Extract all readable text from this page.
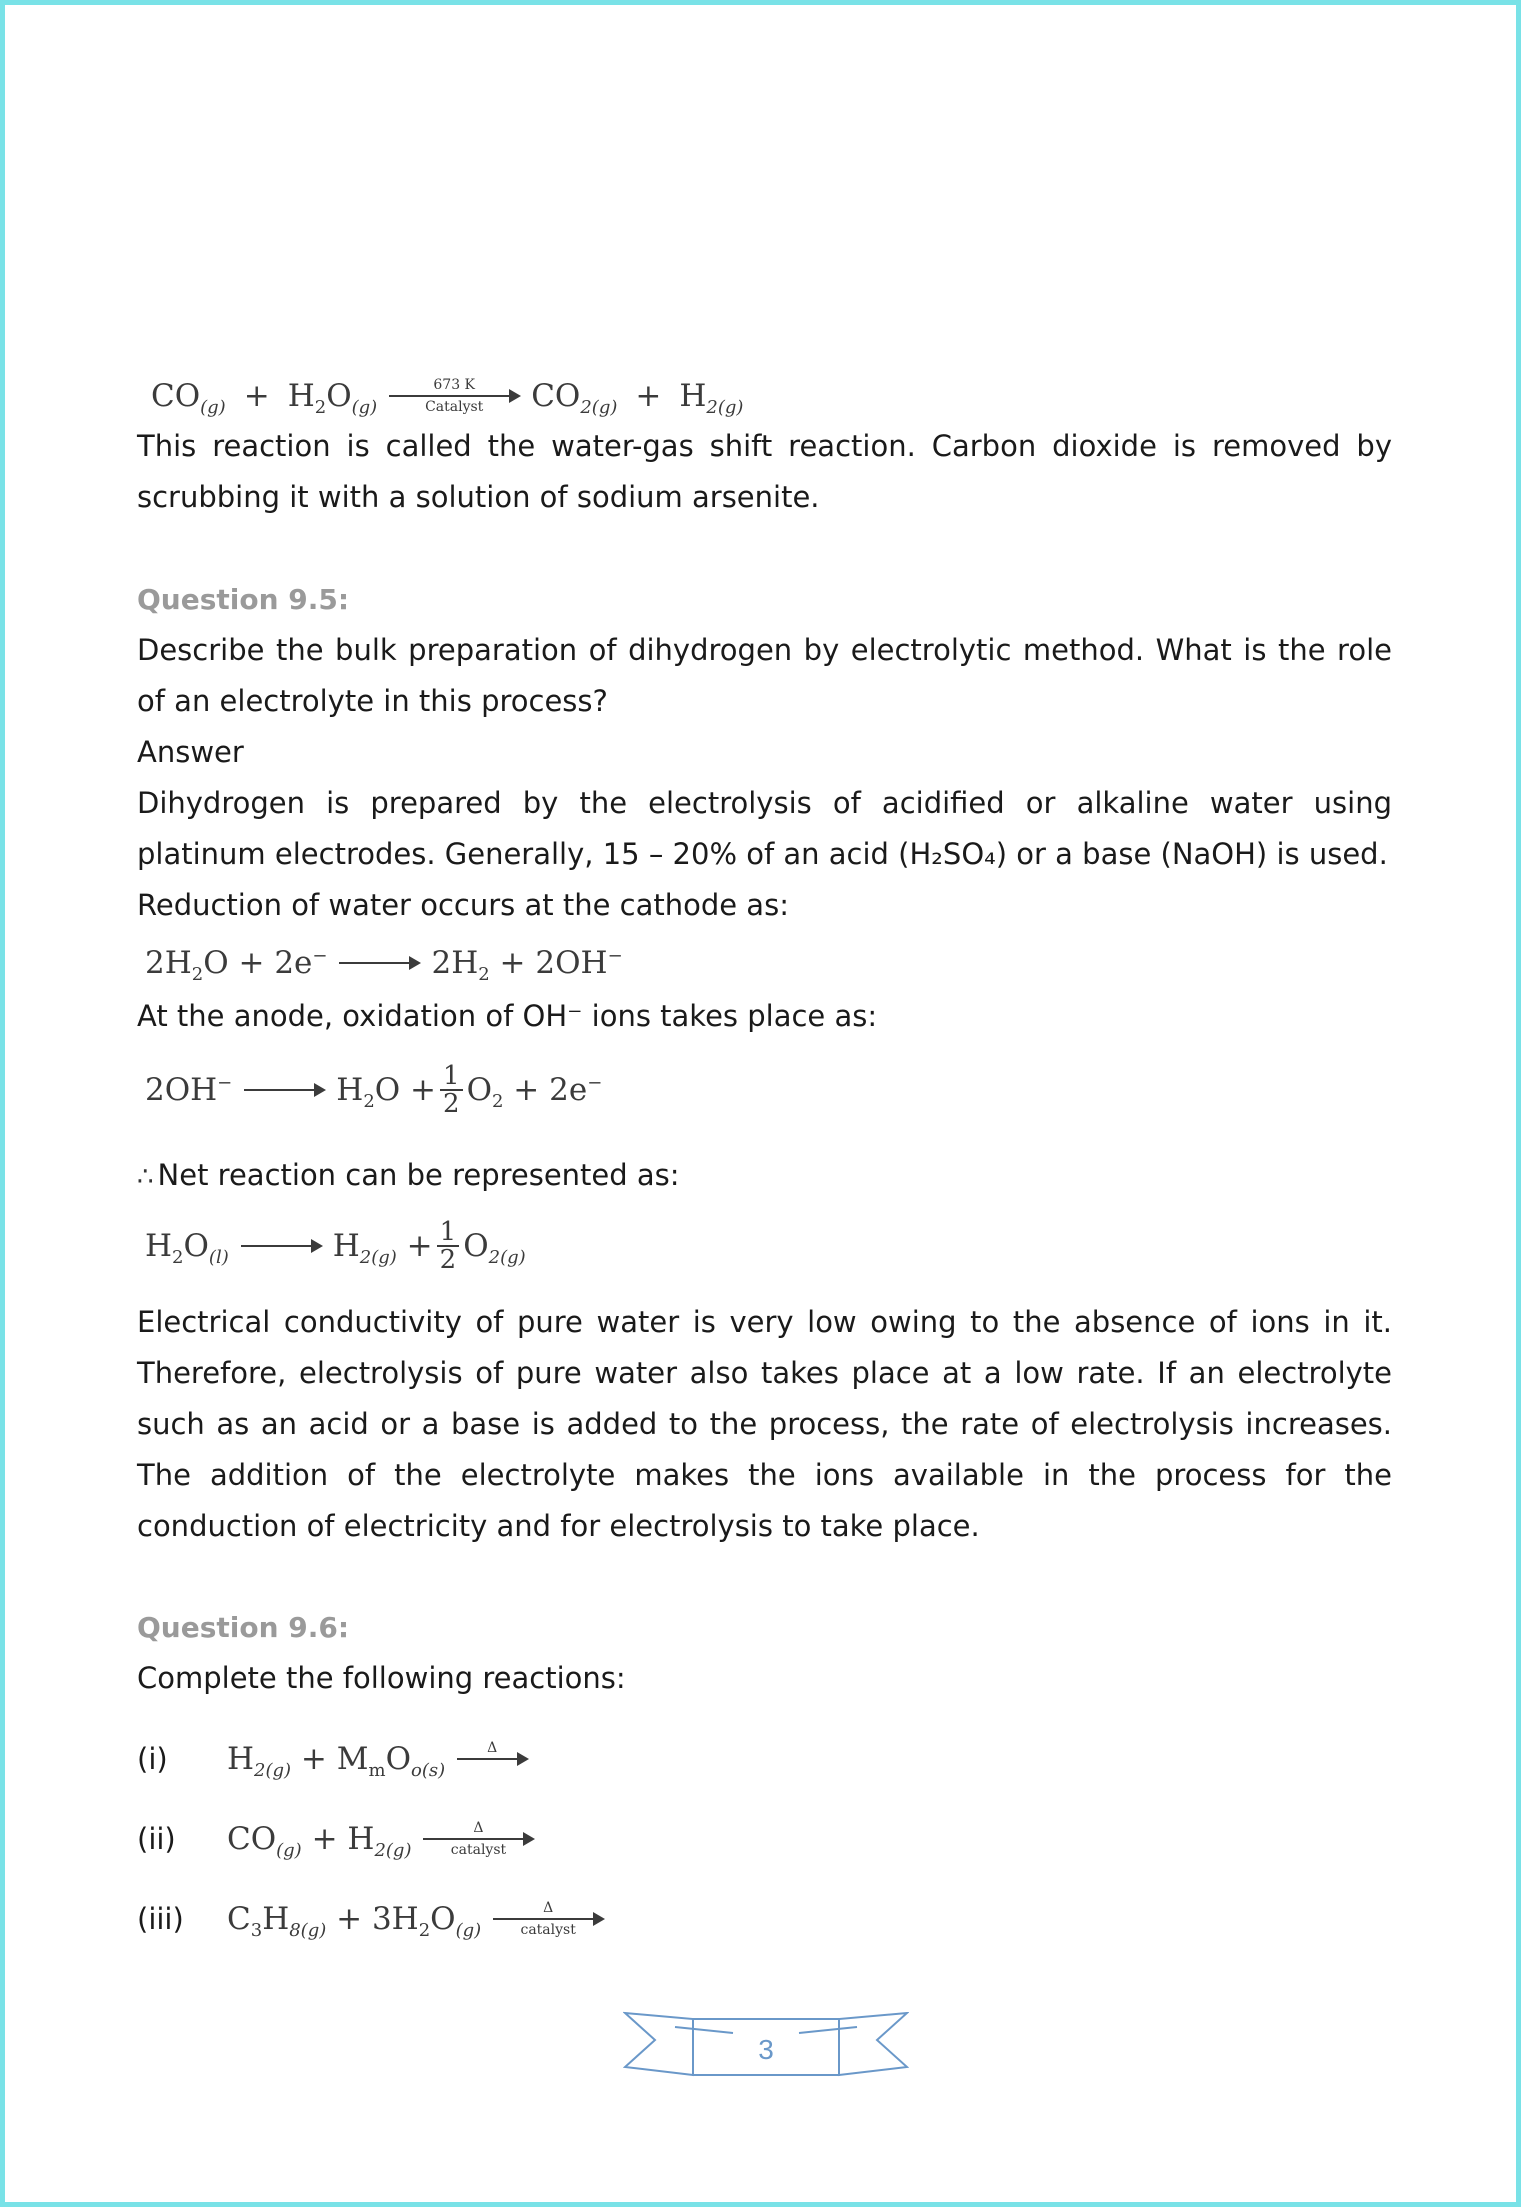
$CO_{(g)} + H_2O_{(g)}$
673 K
Catalyst $CO_{2(g)} + H_{2(g)}$

This reaction is called the water-gas shift reaction. Carbon dioxide is removed by scrubbing it with a solution of sodium arsenite.

Question 9.5:

Describe the bulk preparation of dihydrogen by electrolytic method. What is the role of an electrolyte in this process?

Answer

Dihydrogen is prepared by the electrolysis of acidified or alkaline water using platinum electrodes. Generally, 15 – 20% of an acid (H₂SO₄) or a base (NaOH) is used.

Reduction of water occurs at the cathode as:

$2H_2O + 2e^- \to 2H_2 + 2OH^-$

At the anode, oxidation of OH⁻ ions takes place as:

$2OH^- \to H_2O + \frac{1}{2} O_2 + 2e^-$

∴ Net reaction can be represented as:

$H_2O_{(l)} \to H_{2(g)} + \frac{1}{2} O_{2(g)}$

Electrical conductivity of pure water is very low owing to the absence of ions in it. Therefore, electrolysis of pure water also takes place at a low rate. If an electrolyte such as an acid or a base is added to the process, the rate of electrolysis increases. The addition of the electrolyte makes the ions available in the process for the conduction of electricity and for electrolysis to take place.

Question 9.6:

Complete the following reactions:

(i)	$H_{2(g)} + M_mO_{o(s)}$
Δ
(ii)	$CO_{(g)} + H_{2(g)}$
Δ
catalyst
(iii)	$C_3H_{8(g)} + 3H_2O_{(g)}$
Δ
catalyst
3
